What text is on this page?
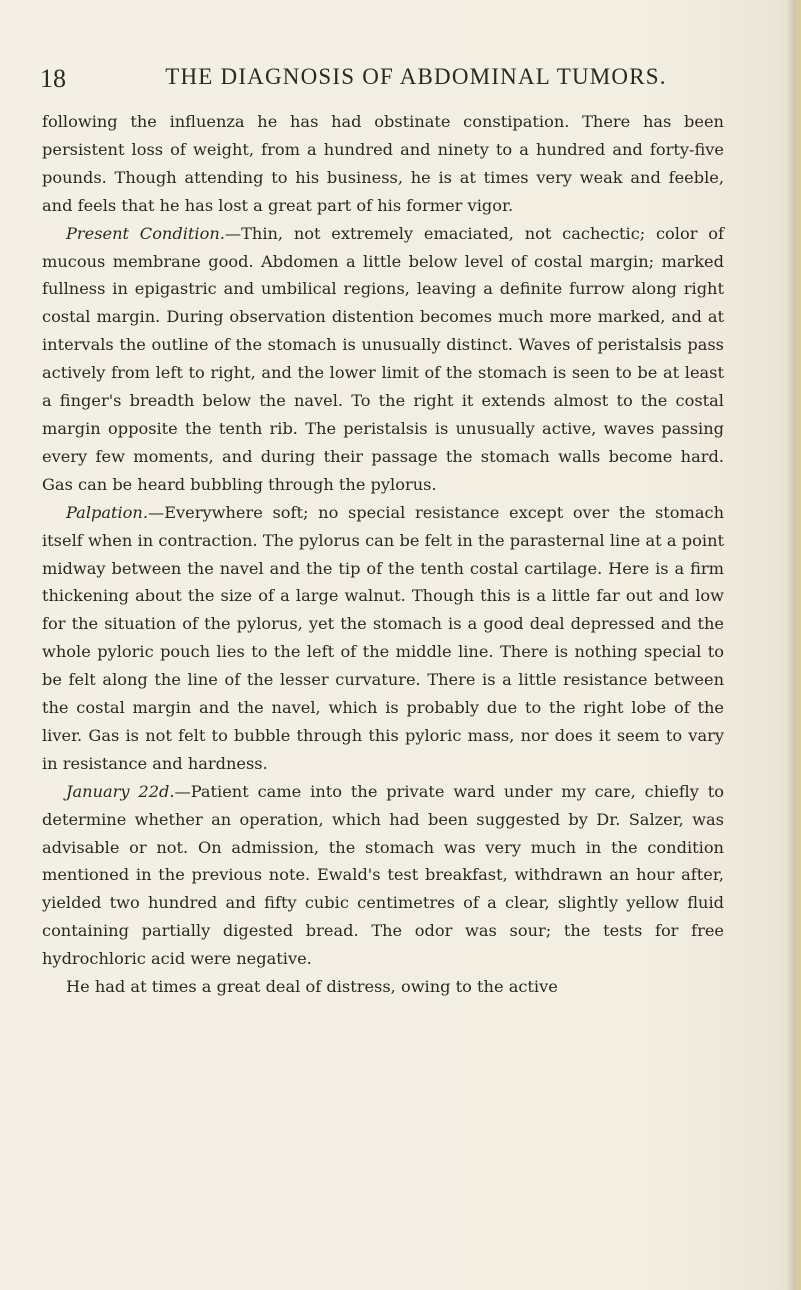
18	THE DIAGNOSIS OF ABDOMINAL TUMORS.

following the influenza he has had obstinate constipation. There has been persistent loss of weight, from a hundred and ninety to a hundred and forty-five pounds. Though attending to his business, he is at times very weak and feeble, and feels that he has lost a great part of his former vigor.

Present Condition.—Thin, not extremely emaciated, not cachectic; color of mucous membrane good. Abdomen a little below level of costal margin; marked fullness in epigastric and umbilical regions, leaving a definite furrow along right costal margin. During observation distention becomes much more marked, and at intervals the outline of the stomach is unusually distinct. Waves of peristalsis pass actively from left to right, and the lower limit of the stomach is seen to be at least a finger's breadth below the navel. To the right it extends almost to the costal margin opposite the tenth rib. The peristalsis is unusually active, waves passing every few moments, and during their passage the stomach walls become hard. Gas can be heard bubbling through the pylorus.

Palpation.—Everywhere soft; no special resistance except over the stomach itself when in contraction. The pylorus can be felt in the parasternal line at a point midway between the navel and the tip of the tenth costal cartilage. Here is a firm thickening about the size of a large walnut. Though this is a little far out and low for the situation of the pylorus, yet the stomach is a good deal depressed and the whole pyloric pouch lies to the left of the middle line. There is nothing special to be felt along the line of the lesser curvature. There is a little resistance between the costal margin and the navel, which is probably due to the right lobe of the liver. Gas is not felt to bubble through this pyloric mass, nor does it seem to vary in resistance and hardness.

January 22d.—Patient came into the private ward under my care, chiefly to determine whether an operation, which had been suggested by Dr. Salzer, was advisable or not. On admission, the stomach was very much in the condition mentioned in the previous note. Ewald's test breakfast, withdrawn an hour after, yielded two hundred and fifty cubic centimetres of a clear, slightly yellow fluid containing partially digested bread. The odor was sour; the tests for free hydrochloric acid were negative.

He had at times a great deal of distress, owing to the active
